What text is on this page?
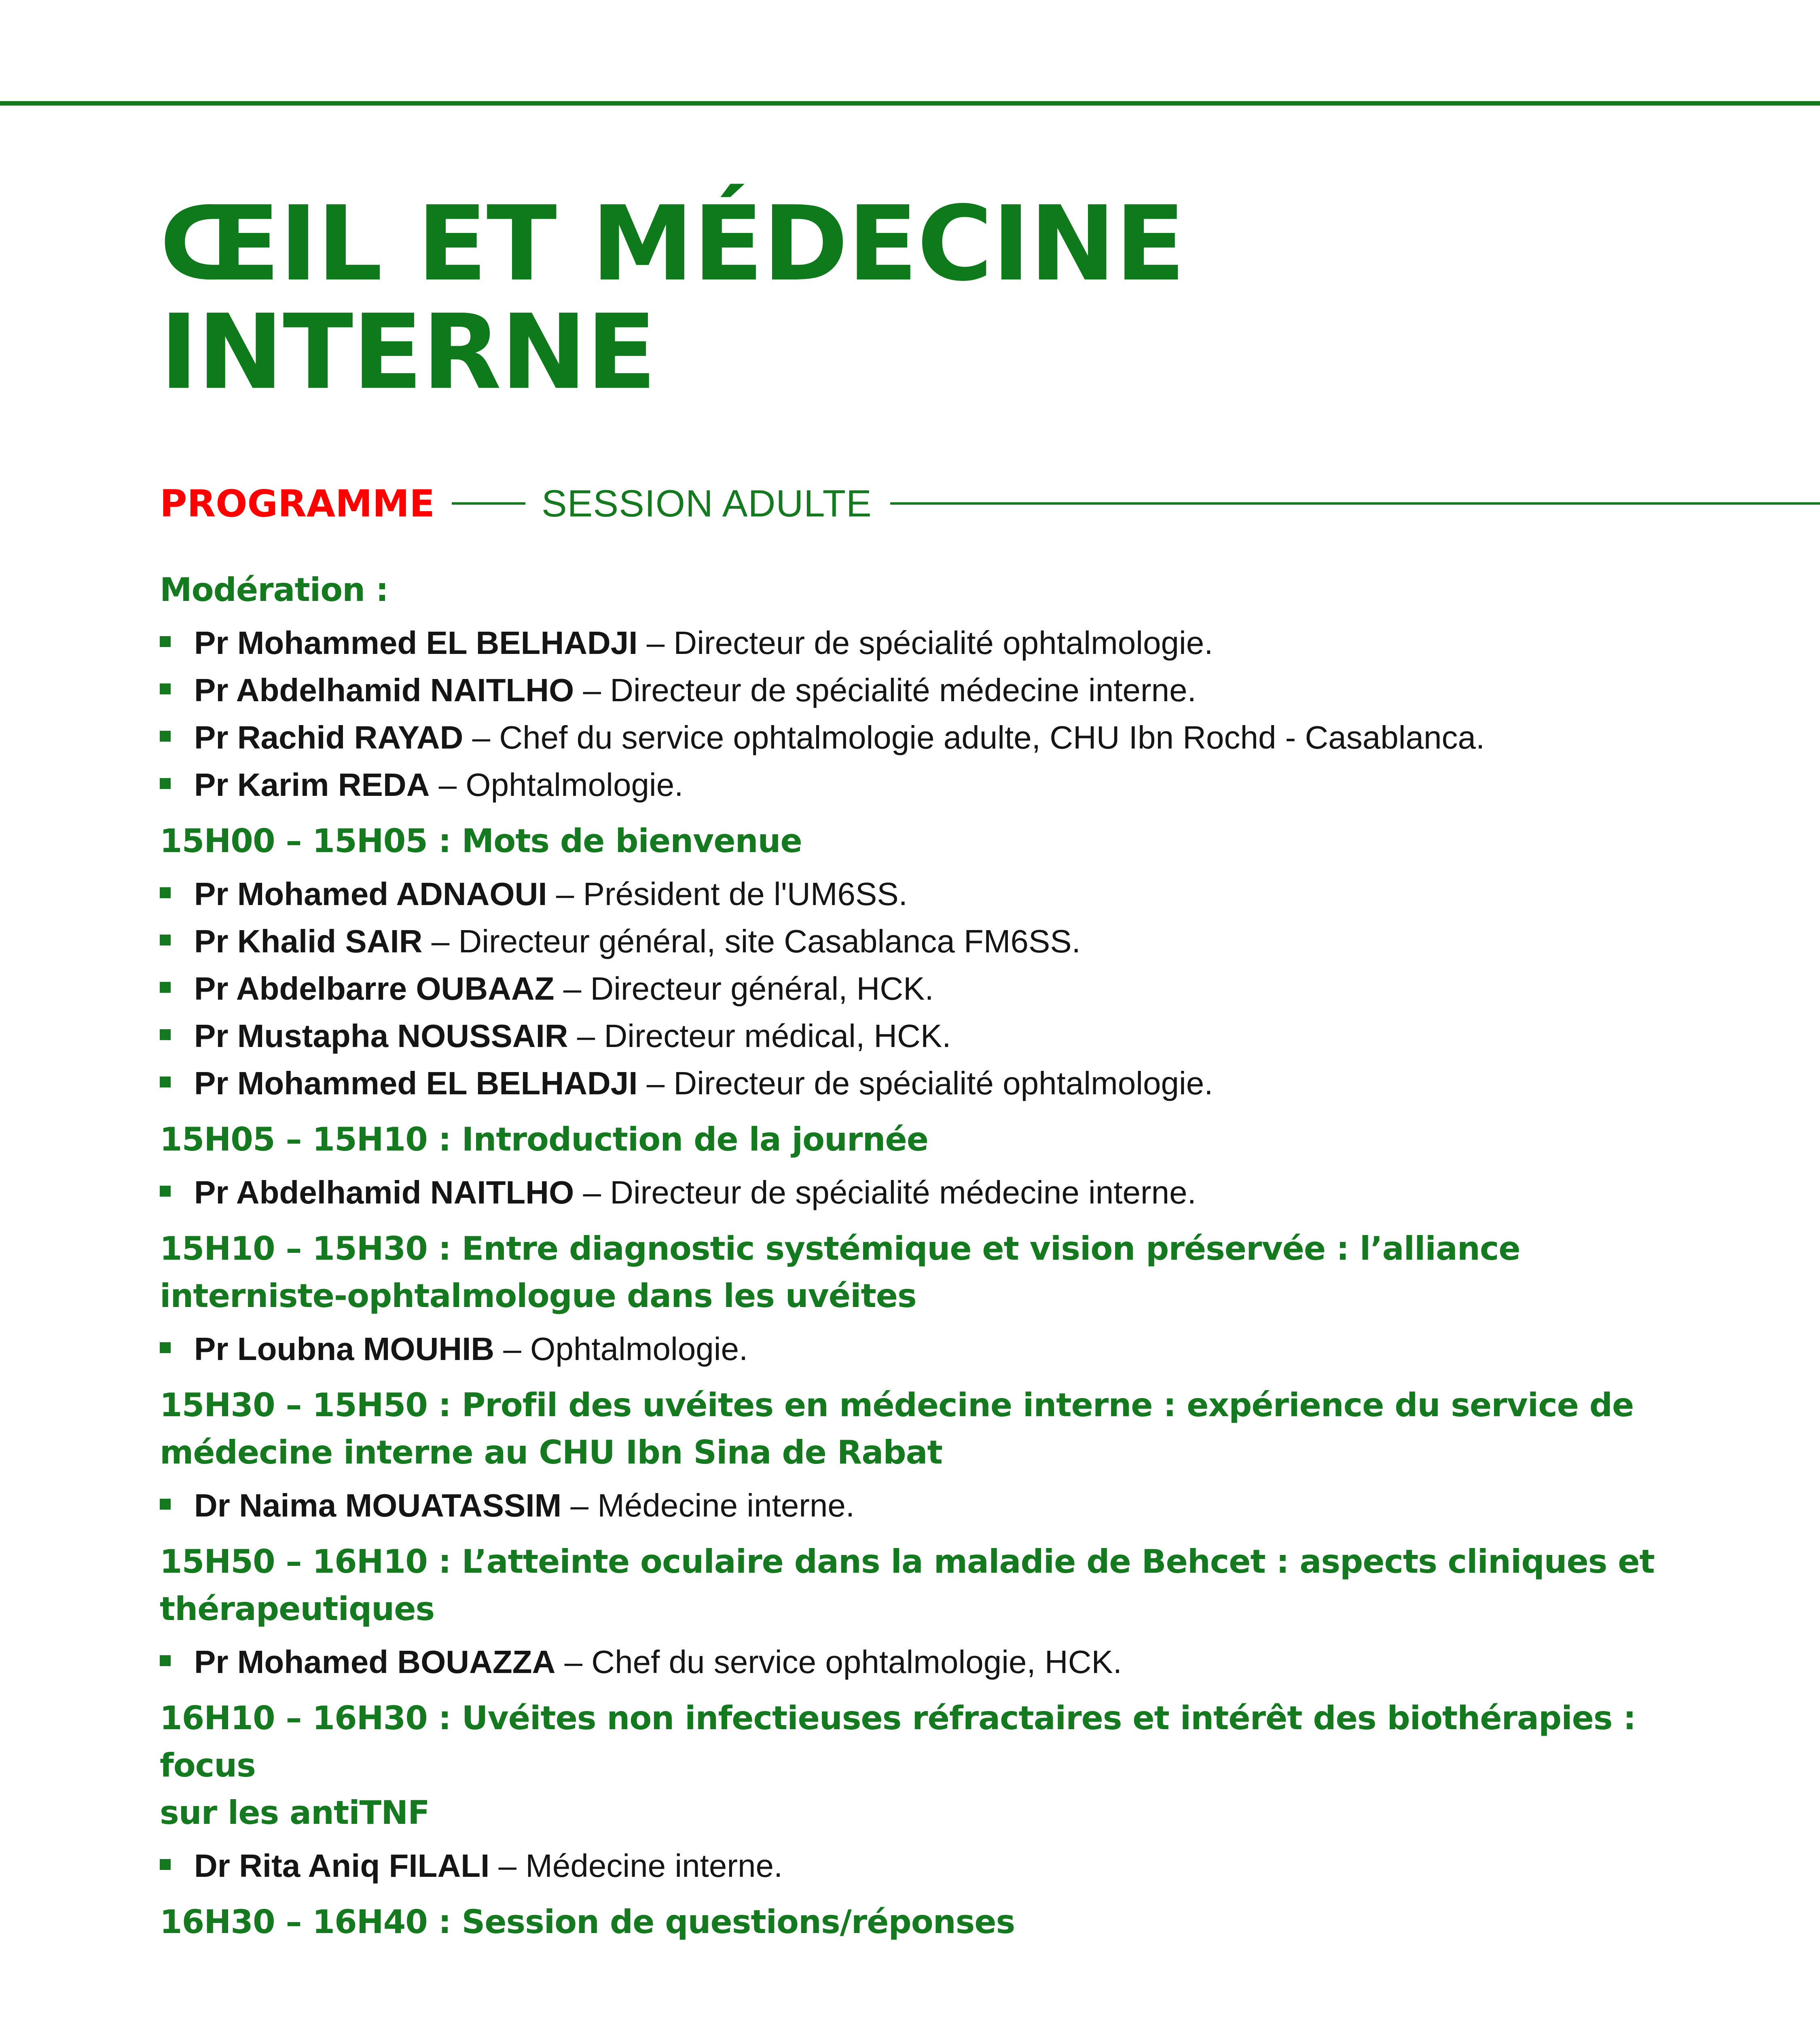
ŒIL ET MÉDECINE
INTERNE
PROGRAMME	SESSION ADULTE

Modération :

Pr Mohammed EL BELHADJI – Directeur de spécialité ophtalmologie.
Pr Abdelhamid NAITLHO – Directeur de spécialité médecine interne.
Pr Rachid RAYAD – Chef du service ophtalmologie adulte, CHU Ibn Rochd - Casablanca.
Pr Karim REDA – Ophtalmologie.

15H00 – 15H05 : Mots de bienvenue

Pr Mohamed ADNAOUI – Président de l'UM6SS.
Pr Khalid SAIR – Directeur général, site Casablanca FM6SS.
Pr Abdelbarre OUBAAZ – Directeur général, HCK.
Pr Mustapha NOUSSAIR – Directeur médical, HCK.
Pr Mohammed EL BELHADJI – Directeur de spécialité ophtalmologie.

15H05 – 15H10 : Introduction de la journée

Pr Abdelhamid NAITLHO – Directeur de spécialité médecine interne.

15H10 – 15H30 : Entre diagnostic systémique et vision préservée : l’alliance
interniste-ophtalmologue dans les uvéites

Pr Loubna MOUHIB – Ophtalmologie.

15H30 – 15H50 : Profil des uvéites en médecine interne : expérience du service de
médecine interne au CHU Ibn Sina de Rabat

Dr Naima MOUATASSIM – Médecine interne.

15H50 – 16H10 : L’atteinte oculaire dans la maladie de Behcet : aspects cliniques et
thérapeutiques

Pr Mohamed BOUAZZA – Chef du service ophtalmologie, HCK.

16H10 – 16H30 : Uvéites non infectieuses réfractaires et intérêt des biothérapies : focus
sur les antiTNF

Dr Rita Aniq FILALI – Médecine interne.

16H30 – 16H40 : Session de questions/réponses
